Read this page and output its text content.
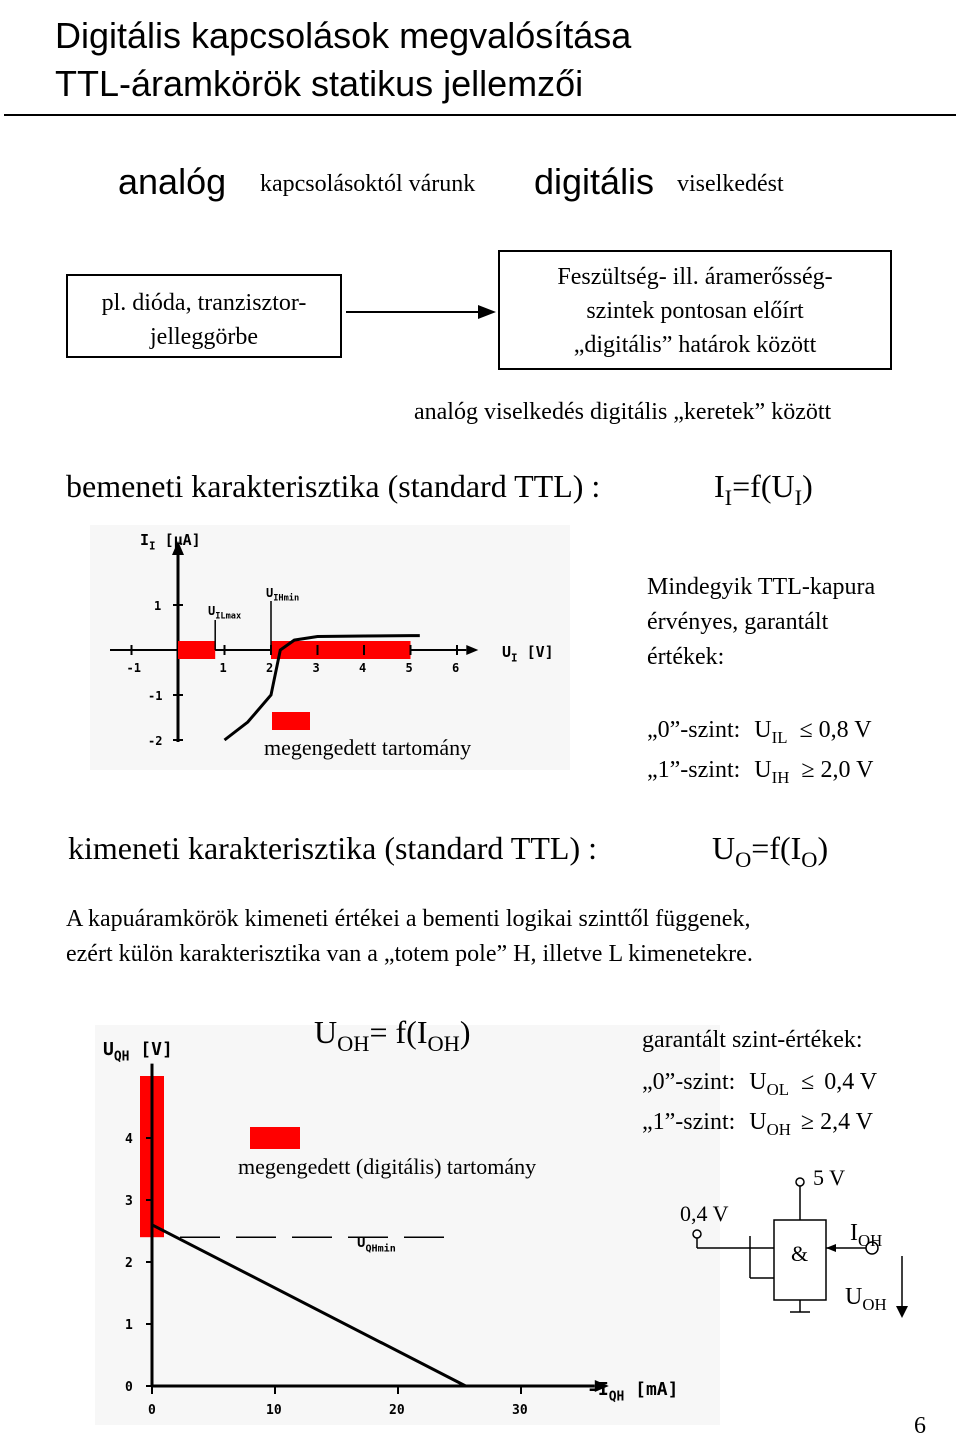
Digitális kapcsolások megvalósítása
TTL-áramkörök statikus jellemzői
analóg kapcsolásoktól várunk digitális viselkedést
pl. dióda, tranzisztor-
jelleggörbe
Feszültség- ill. áramerősség-
szintek pontosan előírt
„digitális” határok között
analóg viselkedés digitális „keretek” között
bemeneti karakterisztika (standard TTL) :	$I_I=f(U_I)$
-1	1	2	3	4	5	6
1
-1
-2
$I_I$ [μA]
$U_I$ [V]
$U_{ILmax}$
$U_{IHmin}$	Mindegyik TTL-kapura
érvényes, garantált
értékek:
megengedett tartomány
„0”-szint: $U_{IL} \le 0,8$ V
„1”-szint: $U_{IH} \ge 2,0$ V
kimeneti karakterisztika (standard TTL) :	$U_O=f(I_O)$
A kapuáramkörök kimeneti értékei a bementi logikai szinttől függenek,
ezért külön karakterisztika van a „totem pole” H, illetve L kimenetekre.
$U_{QHmin}$
0	10	20	30
0
1
2
3
4
$U_{QH}$ [V]
$-I_{QH}$ [mA]
$U_{OH}= f(I_{OH})$
megengedett (digitális) tartomány
garantált szint-értékek:
„0”-szint: $U_{OL} \le 0,4$ V
„1”-szint: $U_{OH} \ge 2,4$ V
5 V
0,4 V
&
$I_{OH}$
$U_{OH}$
6
